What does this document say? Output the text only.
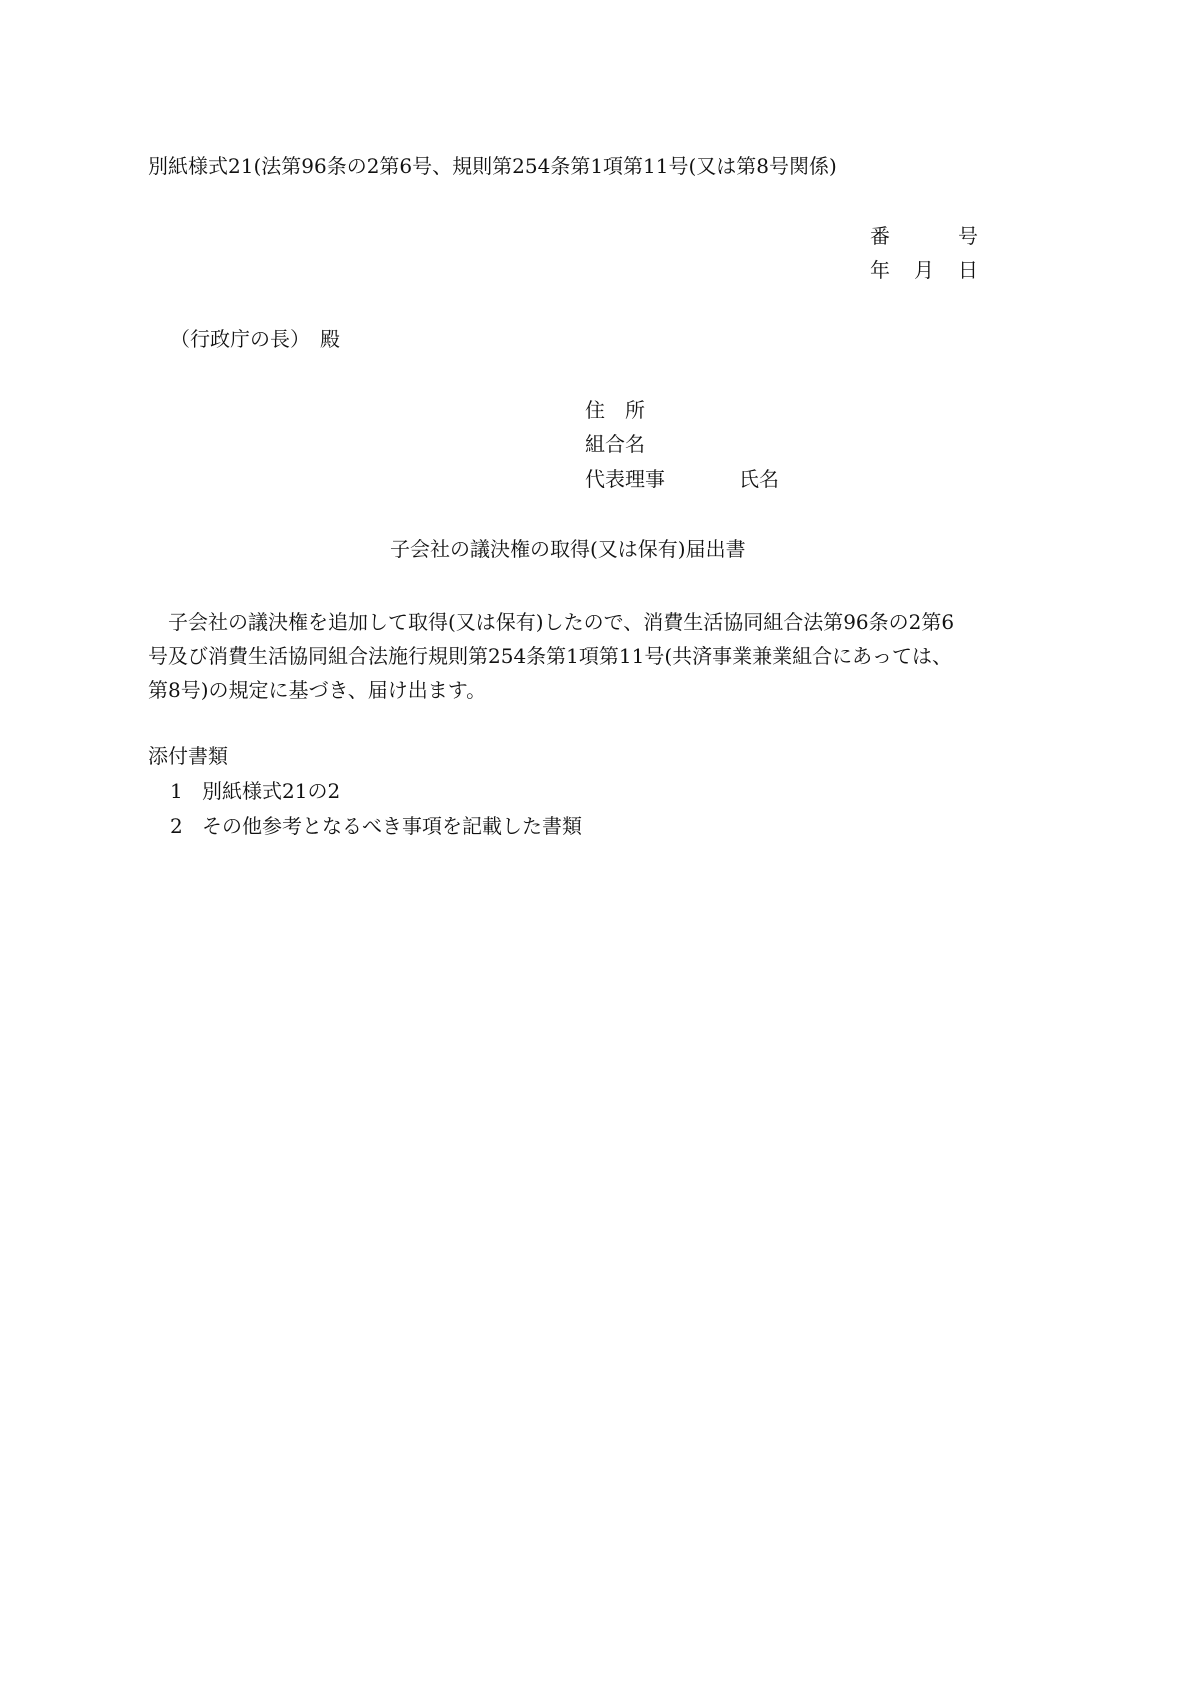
別紙様式21(法第96条の2第6号、規則第254条第1項第11号(又は第8号関係)
番	号
年 月 日
（行政庁の長）　殿
住　所
組合名
代表理事	氏名
子会社の議決権の取得(又は保有)届出書
　子会社の議決権を追加して取得(又は保有)したので、消費生活協同組合法第96条の2第6
号及び消費生活協同組合法施行規則第254条第1項第11号(共済事業兼業組合にあっては、
第8号)の規定に基づき、届け出ます。
添付書類
1 別紙様式21の2
2 その他参考となるべき事項を記載した書類
